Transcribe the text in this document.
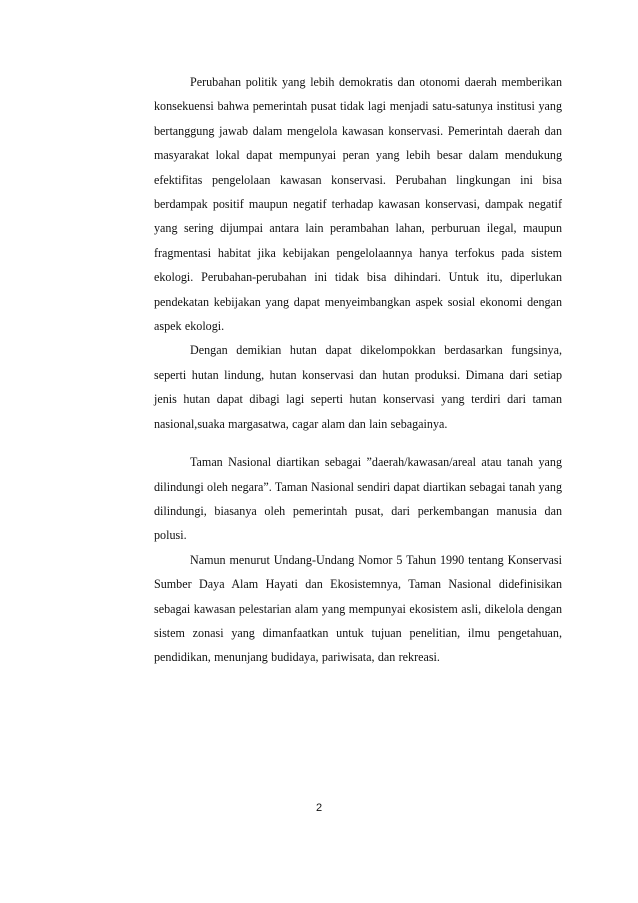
Perubahan politik yang lebih demokratis dan otonomi daerah memberikan konsekuensi bahwa pemerintah pusat tidak lagi menjadi satu-satunya institusi yang bertanggung jawab dalam mengelola kawasan konservasi. Pemerintah daerah dan masyarakat lokal dapat mempunyai peran yang lebih besar dalam mendukung efektifitas pengelolaan kawasan konservasi. Perubahan lingkungan ini bisa berdampak positif maupun negatif terhadap kawasan konservasi, dampak negatif yang sering dijumpai antara lain perambahan lahan, perburuan ilegal, maupun fragmentasi habitat jika kebijakan pengelolaannya hanya terfokus pada sistem ekologi. Perubahan-perubahan ini tidak bisa dihindari. Untuk itu, diperlukan pendekatan kebijakan yang dapat menyeimbangkan aspek sosial ekonomi dengan aspek ekologi.

Dengan demikian hutan dapat dikelompokkan berdasarkan fungsinya, seperti hutan lindung, hutan konservasi dan hutan produksi. Dimana dari setiap jenis hutan dapat dibagi lagi seperti hutan konservasi yang terdiri dari taman nasional,suaka margasatwa, cagar alam dan lain sebagainya.

Taman Nasional diartikan sebagai ”daerah/kawasan/areal atau tanah yang dilindungi oleh negara”. Taman Nasional sendiri dapat diartikan sebagai tanah yang dilindungi, biasanya oleh pemerintah pusat, dari perkembangan manusia dan polusi.

Namun menurut Undang-Undang Nomor 5 Tahun 1990 tentang Konservasi Sumber Daya Alam Hayati dan Ekosistemnya, Taman Nasional didefinisikan sebagai kawasan pelestarian alam yang mempunyai ekosistem asli, dikelola dengan sistem zonasi yang dimanfaatkan untuk tujuan penelitian, ilmu pengetahuan, pendidikan, menunjang budidaya, pariwisata, dan rekreasi.

2
